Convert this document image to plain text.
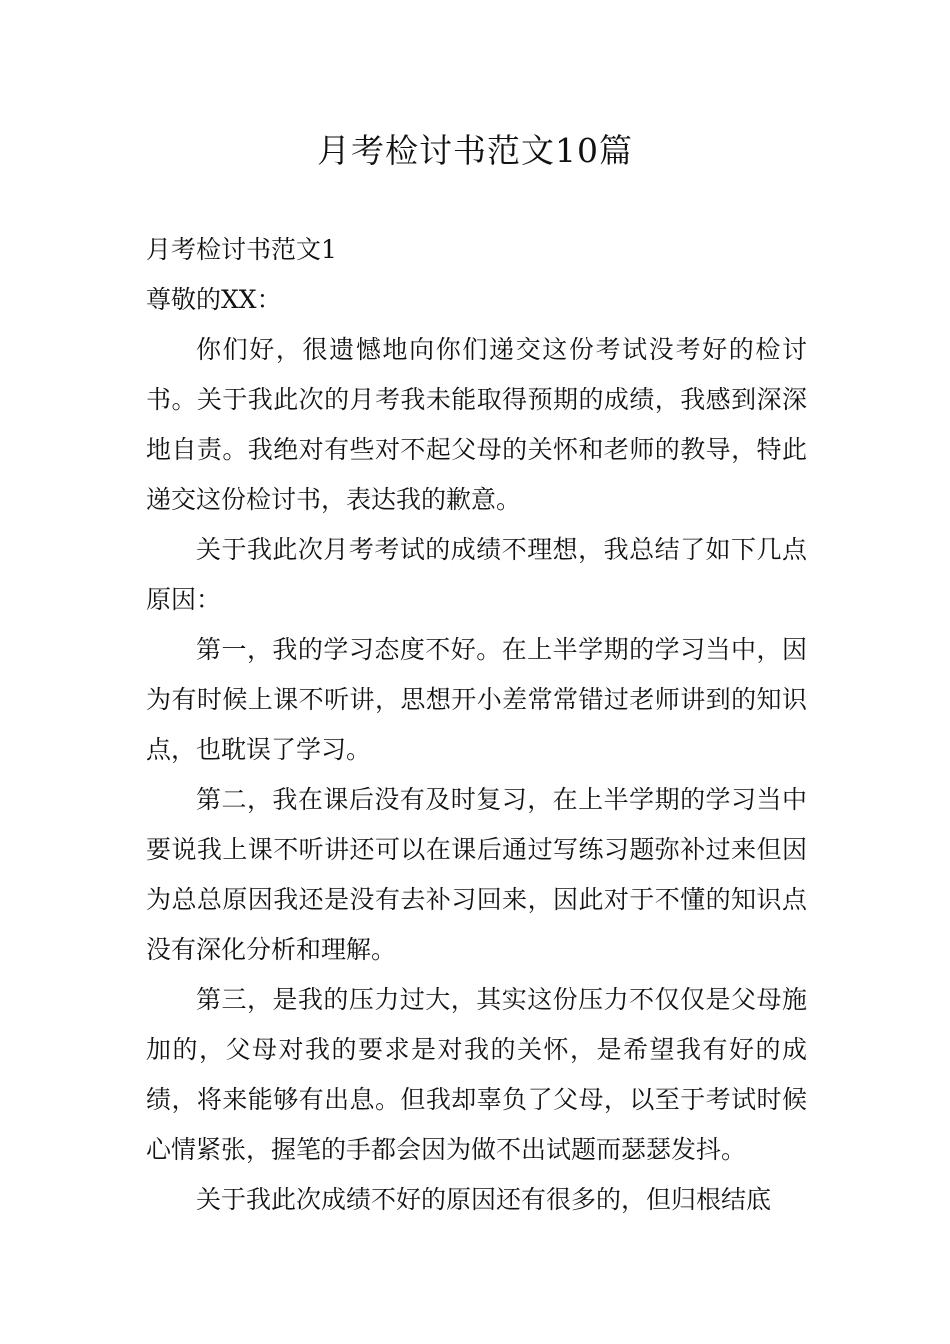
月考检讨书范文10篇

月考检讨书范文1

尊敬的XX：

你们好，很遗憾地向你们递交这份考试没考好的检讨书。关于我此次的月考我未能取得预期的成绩，我感到深深地自责。我绝对有些对不起父母的关怀和老师的教导，特此递交这份检讨书，表达我的歉意。

关于我此次月考考试的成绩不理想，我总结了如下几点原因：

第一，我的学习态度不好。在上半学期的学习当中，因为有时候上课不听讲，思想开小差常常错过老师讲到的知识点，也耽误了学习。

第二，我在课后没有及时复习，在上半学期的学习当中要说我上课不听讲还可以在课后通过写练习题弥补过来但因为总总原因我还是没有去补习回来，因此对于不懂的知识点没有深化分析和理解。

第三，是我的压力过大，其实这份压力不仅仅是父母施加的，父母对我的要求是对我的关怀，是希望我有好的成绩，将来能够有出息。但我却辜负了父母，以至于考试时候心情紧张，握笔的手都会因为做不出试题而瑟瑟发抖。

关于我此次成绩不好的原因还有很多的，但归根结底
